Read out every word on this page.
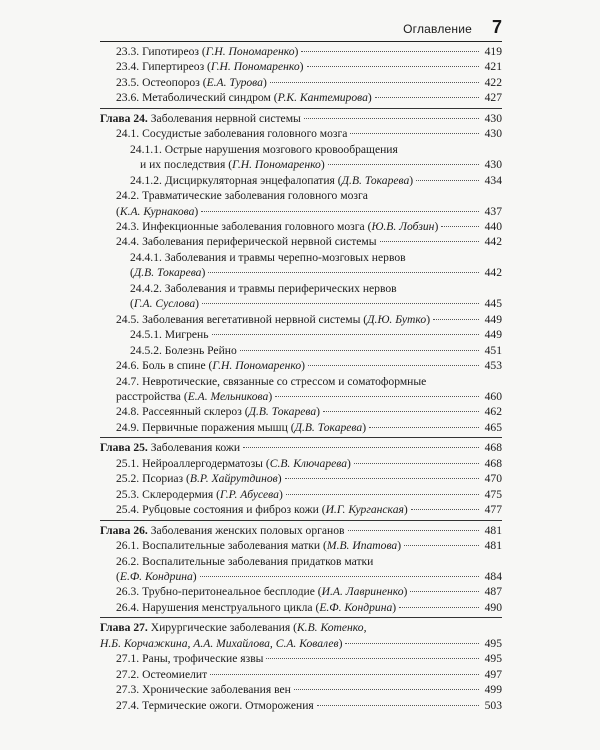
Оглавление 7
23.3. Гипотиреоз (Г.Н. Пономаренко)	419
23.4. Гипертиреоз (Г.Н. Пономаренко)	421
23.5. Остеопороз (Е.А. Турова)	422
23.6. Метаболический синдром (Р.К. Кантемирова)	427
Глава 24. Заболевания нервной системы	430
24.1. Сосудистые заболевания головного мозга	430
24.1.1. Острые нарушения мозгового кровообращения
и их последствия (Г.Н. Пономаренко)	430
24.1.2. Дисциркуляторная энцефалопатия (Д.В. Токарева)	434
24.2. Травматические заболевания головного мозга
(К.А. Курнакова)	437
24.3. Инфекционные заболевания головного мозга (Ю.В. Лобзин)	440
24.4. Заболевания периферической нервной системы	442
24.4.1. Заболевания и травмы черепно-мозговых нервов
(Д.В. Токарева)	442
24.4.2. Заболевания и травмы периферических нервов
(Г.А. Суслова)	445
24.5. Заболевания вегетативной нервной системы (Д.Ю. Бутко)	449
24.5.1. Мигрень	449
24.5.2. Болезнь Рейно	451
24.6. Боль в спине (Г.Н. Пономаренко)	453
24.7. Невротические, связанные со стрессом и соматоформные
расстройства (Е.А. Мельникова)	460
24.8. Рассеянный склероз (Д.В. Токарева)	462
24.9. Первичные поражения мышц (Д.В. Токарева)	465
Глава 25. Заболевания кожи	468
25.1. Нейроаллергодерматозы (С.В. Ключарева)	468
25.2. Псориаз (В.Р. Хайрутдинов)	470
25.3. Склеродермия (Г.Р. Абусева)	475
25.4. Рубцовые состояния и фиброз кожи (И.Г. Курганская)	477
Глава 26. Заболевания женских половых органов	481
26.1. Воспалительные заболевания матки (М.В. Ипатова)	481
26.2. Воспалительные заболевания придатков матки
(Е.Ф. Кондрина)	484
26.3. Трубно-перитонеальное бесплодие (И.А. Лавриненко)	487
26.4. Нарушения менструального цикла (Е.Ф. Кондрина)	490
Глава 27. Хирургические заболевания (К.В. Котенко,
Н.Б. Корчажкина, А.А. Михайлова, С.А. Ковалев)	495
27.1. Раны, трофические язвы	495
27.2. Остеомиелит	497
27.3. Хронические заболевания вен	499
27.4. Термические ожоги. Отморожения	503
